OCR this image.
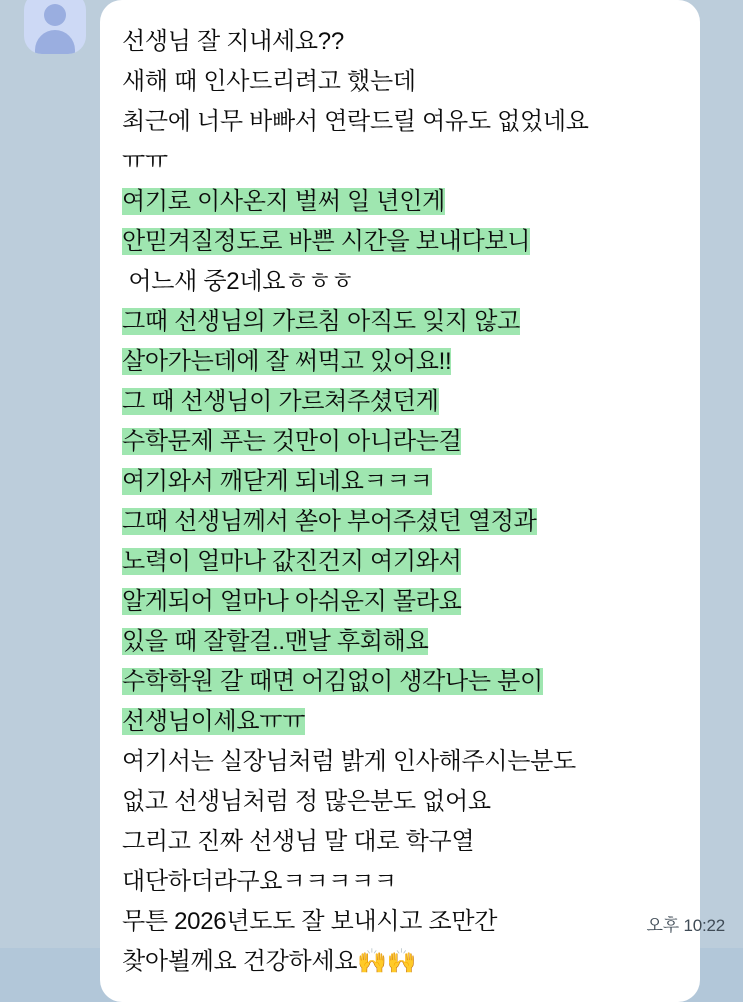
선생님 잘 지내세요??
새해 때 인사드리려고 했는데
최근에 너무 바빠서 연락드릴 여유도 없었네요
ㅠㅠ
여기로 이사온지 벌써 일 년인게
안믿겨질정도로 바쁜 시간을 보내다보니
어느새 중2네요ㅎㅎㅎ
그때 선생님의 가르침 아직도 잊지 않고
살아가는데에 잘 써먹고 있어요!!
그 때 선생님이 가르쳐주셨던게
수학문제 푸는 것만이 아니라는걸
여기와서 깨닫게 되네요ㅋㅋㅋ
그때 선생님께서 쏟아 부어주셨던 열정과
노력이 얼마나 값진건지 여기와서
알게되어 얼마나 아쉬운지 몰라요
있을 때 잘할걸..맨날 후회해요
수학학원 갈 때면 어김없이 생각나는 분이
선생님이세요ㅠㅠ
여기서는 실장님처럼 밝게 인사해주시는분도
없고 선생님처럼 정 많은분도 없어요
그리고 진짜 선생님 말 대로 학구열
대단하더라구요ㅋㅋㅋㅋㅋ
무튼 2026년도도 잘 보내시고 조만간
찾아뵐께요 건강하세요🙌🙌
오후 10:22
